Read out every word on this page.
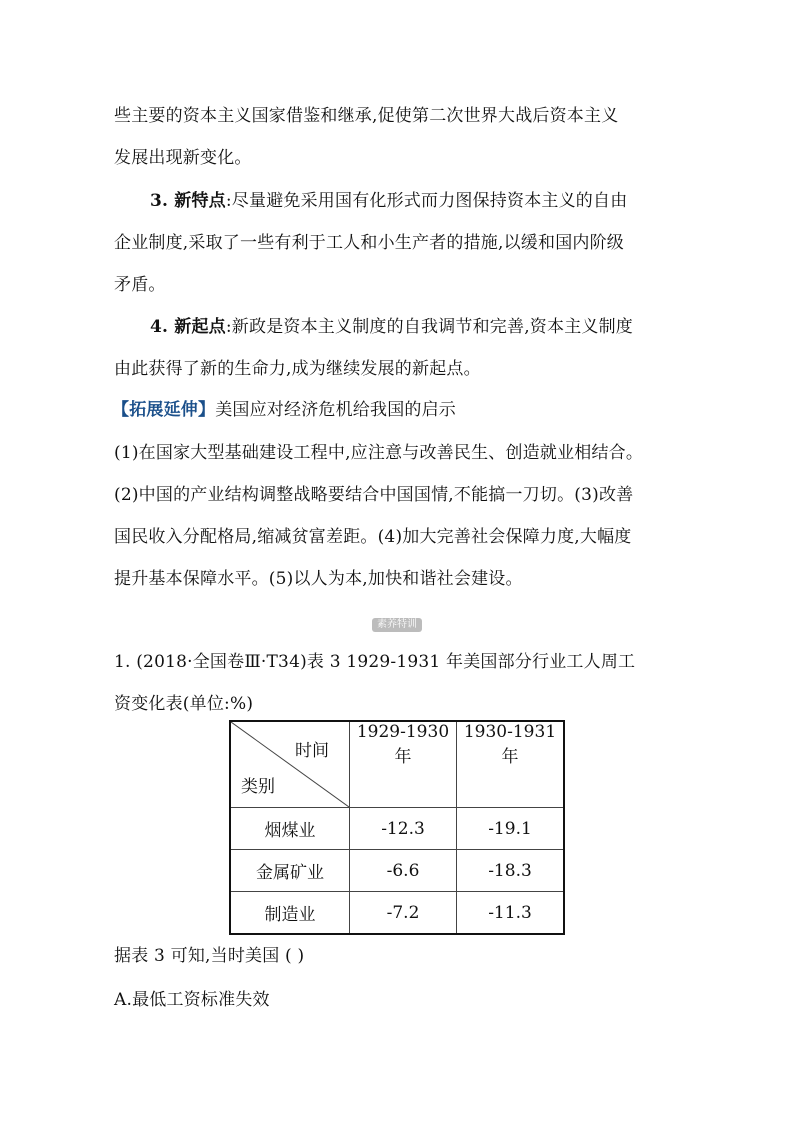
些主要的资本主义国家借鉴和继承,促使第二次世界大战后资本主义
发展出现新变化。
3. 新特点:尽量避免采用国有化形式而力图保持资本主义的自由
企业制度,采取了一些有利于工人和小生产者的措施,以缓和国内阶级
矛盾。
4. 新起点:新政是资本主义制度的自我调节和完善,资本主义制度
由此获得了新的生命力,成为继续发展的新起点。
【拓展延伸】美国应对经济危机给我国的启示
(1)在国家大型基础建设工程中,应注意与改善民生、创造就业相结合。
(2)中国的产业结构调整战略要结合中国国情,不能搞一刀切。(3)改善
国民收入分配格局,缩减贫富差距。(4)加大完善社会保障力度,大幅度
提升基本保障水平。(5)以人为本,加快和谐社会建设。
素养特训
1. (2018·全国卷Ⅲ·T34)表 3 1929-1931 年美国部分行业工人周工
资变化表(单位:%)
时间
类别	1929-1930年	1930-1931年
烟煤业	-12.3	-19.1
金属矿业	-6.6	-18.3
制造业	-7.2	-11.3
据表 3 可知,当时美国 ( )
A.最低工资标准失效
